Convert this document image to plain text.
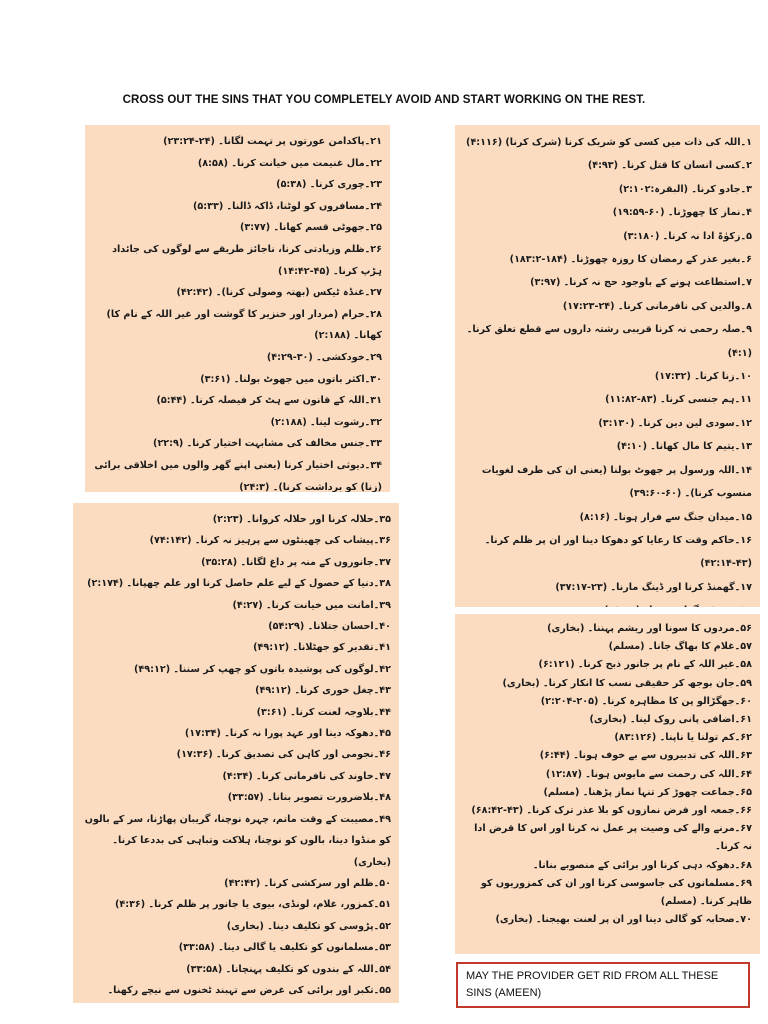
CROSS OUT THE SINS THAT YOU COMPLETELY AVOID AND START WORKING ON THE REST.
۲۱۔پاکدامن عورتوں پر تہمت لگانا۔ (۲۴-۲۳:۲۴)
۲۲۔مال غنیمت میں خیانت کرنا۔ (۸:۵۸)
۲۳۔چوری کرنا۔ (۵:۳۸)
۲۴۔مسافروں کو لوٹنا، ڈاکہ ڈالنا۔ (۵:۳۳)
۲۵۔جھوٹی قسم کھانا۔ (۳:۷۷)
۲۶۔ظلم وزیادتی کرنا، ناجائز طریقے سے لوگوں کی جائداد ہڑپ کرنا۔ (۴۵-۱۴:۴۲)
۲۷۔غنڈہ ٹیکس (بھتہ وصولی کرنا)۔ (۴۲:۴۲)
۲۸۔حرام (مردار اور خنزیر کا گوشت اور غیر اللہ کے نام کا) کھانا۔ (۲:۱۸۸)
۲۹۔خودکشی۔ (۳۰-۴:۲۹)
۳۰۔اکثر باتوں میں جھوٹ بولنا۔ (۳:۶۱)
۳۱۔اللہ کے قانون سے ہٹ کر فیصلہ کرنا۔ (۵:۴۴)
۳۲۔رشوت لینا۔ (۲:۱۸۸)
۳۳۔جنس مخالف کی مشابہت اختیار کرنا۔ (۲۲:۹)
۳۴۔دیوثی اختیار کرنا (یعنی اپنے گھر والوں میں اخلاقی برائی (زنا) کو برداشت کرنا)۔ (۲۴:۳)
۱۔اللہ کی ذات میں کسی کو شریک کرنا (شرک کرنا) (۴:۱۱۶)
۲۔کسی انسان کا قتل کرنا۔ (۴:۹۳)
۳۔جادو کرنا۔ (البقرہ:۲:۱۰۲)
۴۔نماز کا چھوڑنا۔ (۶۰-۱۹:۵۹)
۵۔زکوٰۃ ادا نہ کرنا۔ (۳:۱۸۰)
۶۔بغیر عذر کے رمضان کا روزہ چھوڑنا۔ (۱۸۴-۱۸۳:۲)
۷۔استطاعت ہونے کے باوجود حج نہ کرنا۔ (۳:۹۷)
۸۔والدین کی نافرمانی کرنا۔ (۲۴-۱۷:۲۳)
۹۔صلہ رحمی نہ کرنا قریبی رشتہ داروں سے قطع تعلق کرنا۔ (۴:۱)
۱۰۔زنا کرنا۔ (۱۷:۳۲)
۱۱۔ہم جنسی کرنا۔ (۸۳-۱۱:۸۲)
۱۲۔سودی لین دین کرنا۔ (۳:۱۳۰)
۱۳۔یتیم کا مال کھانا۔ (۴:۱۰)
۱۴۔اللہ ورسول پر جھوٹ بولنا (یعنی ان کی طرف لغویات منسوب کرنا)۔ (۶۰-۳۹:۶۰)
۱۵۔میدان جنگ سے فرار ہونا۔ (۸:۱۶)
۱۶۔حاکم وقت کا رعایا کو دھوکا دینا اور ان پر ظلم کرنا۔ (۴۳-۴۲:۱۴)
۱۷۔گھمنڈ کرنا اور ڈینگ مارنا۔ (۲۳-۳۷:۱۷)
۳۵۔حلالہ کرنا اور حلالہ کروانا۔ (۲:۲۳)
۳۶۔پیشاب کی چھینٹوں سے پرہیز نہ کرنا۔ (۷۴:۱۴۲)
۳۷۔جانوروں کے منہ پر داغ لگانا۔ (۳۵:۲۸)
۳۸۔دنیا کے حصول کے لیے علم حاصل کرنا اور علم چھپانا۔ (۲:۱۷۴)
۳۹۔امانت میں خیانت کرنا۔ (۴:۲۷)
۴۰۔احسان جتلانا۔ (۵۴:۲۹)
۴۱۔تقدیر کو جھٹلانا۔ (۴۹:۱۲)
۴۲۔لوگوں کی پوشیدہ باتوں کو چھپ کر سننا۔ (۴۹:۱۲)
۴۳۔چغل خوری کرنا۔ (۴۹:۱۲)
۴۴۔بلاوجہ لعنت کرنا۔ (۳:۶۱)
۴۵۔دھوکہ دینا اور عہد پورا نہ کرنا۔ (۱۷:۳۴)
۴۶۔نجومی اور کاہن کی تصدیق کرنا۔ (۱۷:۳۶)
۴۷۔خاوند کی نافرمانی کرنا۔ (۴:۳۴)
۴۸۔بلاضرورت تصویر بنانا۔ (۳۳:۵۷)
۴۹۔مصیبت کے وقت ماتم، چہرہ نوچنا، گریبان پھاڑنا، سر کے بالوں کو منڈوا دینا، بالوں کو نوچنا، ہلاکت وتباہی کی بددعا کرنا۔ (بخاری)
۵۰۔ظلم اور سرکشی کرنا۔ (۴۲:۴۲)
۵۱۔کمزور، غلام، لونڈی، بیوی یا جانور پر ظلم کرنا۔ (۴:۳۶)
۵۲۔پڑوسی کو تکلیف دینا۔ (بخاری)
۵۳۔مسلمانوں کو تکلیف یا گالی دینا۔ (۳۳:۵۸)
۵۴۔اللہ کے بندوں کو تکلیف پہنچانا۔ (۳۳:۵۸)
۵۵۔تکبر اور برائی کی غرض سے تہبند ٹخنوں سے نیچے رکھنا۔
۵۶۔مردوں کا سونا اور ریشم پہننا۔ (بخاری)
۵۷۔غلام کا بھاگ جانا۔ (مسلم)
۵۸۔غیر اللہ کے نام پر جانور ذبح کرنا۔ (۶:۱۲۱)
۵۹۔جان بوجھ کر حقیقی نسب کا انکار کرنا۔ (بخاری)
۶۰۔جھگڑالو پن کا مظاہرہ کرنا۔ (۲۰۵-۲:۲۰۴)
۶۱۔اضافی پانی روک لینا۔ (بخاری)
۶۲۔کم تولنا یا ناپنا۔ (۸۳:۱۲۶)
۶۳۔اللہ کی تدبیروں سے بے خوف ہونا۔ (۶:۴۴)
۶۴۔اللہ کی رحمت سے مایوس ہونا۔ (۱۲:۸۷)
۶۵۔جماعت چھوڑ کر تنہا نماز پڑھنا۔ (مسلم)
۶۶۔جمعہ اور فرض نمازوں کو بلا عذر ترک کرنا۔ (۴۳-۶۸:۴۲)
۶۷۔مرنے والے کی وصیت پر عمل نہ کرنا اور اس کا قرض ادا نہ کرنا۔
۶۸۔دھوکہ دہی کرنا اور برائی کے منصوبے بنانا۔
۶۹۔مسلمانوں کی جاسوسی کرنا اور ان کی کمزوریوں کو ظاہر کرنا۔ (مسلم)
۷۰۔صحابہ کو گالی دینا اور ان پر لعنت بھیجنا۔ (بخاری)
MAY THE PROVIDER GET RID FROM ALL THESE SINS (AMEEN)
